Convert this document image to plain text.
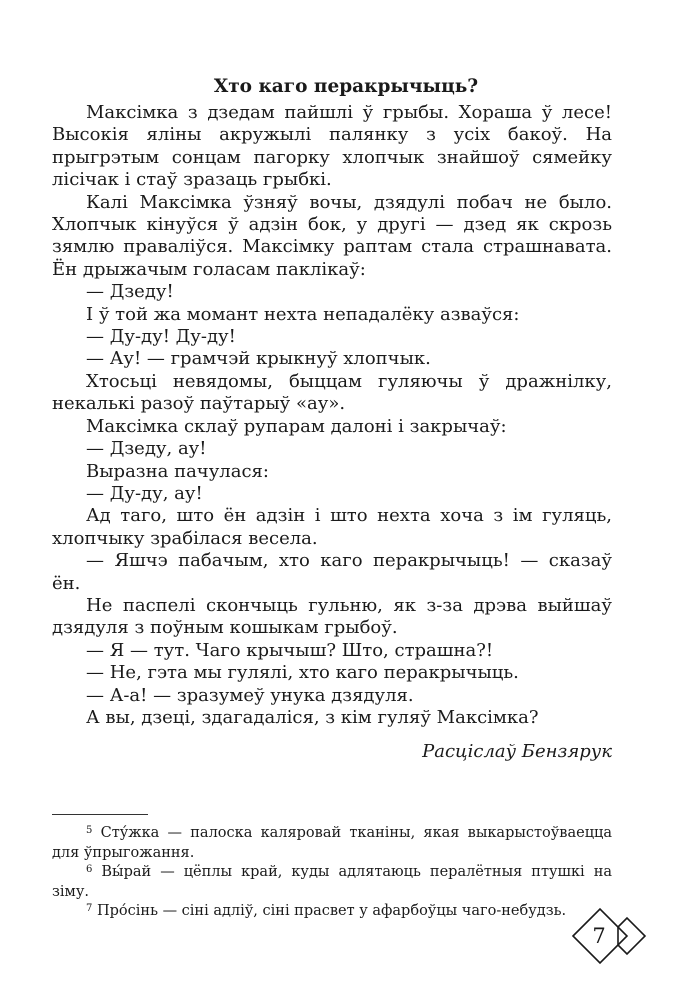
Хто каго перакрычыць?

Максімка з дзедам пайшлі ў грыбы. Хораша ў лесе! Высокія яліны акружылі палянку з усіх бакоў. На прыгрэтым сонцам пагорку хлопчык знайшоў сямейку лісічак і стаў зразаць грыбкі.

Калі Максімка ўзняў вочы, дзядулі побач не было. Хлопчык кінуўся ў адзін бок, у другі — дзед як скрозь зямлю праваліўся. Максімку раптам стала страшнавата. Ён дрыжачым голасам паклікаў:

— Дзеду!

І ў той жа момант нехта непадалёку азваўся:

— Ду-ду! Ду-ду!

— Ау! — грамчэй крыкнуў хлопчык.

Хтосьці невядомы, быццам гуляючы ў дражнілку, некалькі разоў паўтарыў «ау».

Максімка склаў рупарам далоні і закрычаў:

— Дзеду, ау!

Выразна пачулася:

— Ду-ду, ау!

Ад таго, што ён адзін і што нехта хоча з ім гуляць, хлопчыку зрабілася весела.

— Яшчэ пабачым, хто каго перакрычыць! — сказаў ён.

Не паспелі скончыць гульню, як з-за дрэва выйшаў дзядуля з поўным кошыкам грыбоў.

— Я — тут. Чаго крычыш? Што, страшна?!

— Не, гэта мы гулялі, хто каго перакрычыць.

— А-а! — зразумеў унука дзядуля.

А вы, дзеці, здагадаліся, з кім гуляў Максімка?

Расціслаў Бензярук

$^5$ Сту́жка — палоска каляровай тканіны, якая выкарыстоўваецца для ўпрыгожання.

$^6$ Вы́рай — цёплы край, куды адлятаюць пералётныя птушкі на зіму.

$^7$ Про́сінь — сіні адліў, сіні прасвет у афарбоўцы чаго-небудзь.

7
